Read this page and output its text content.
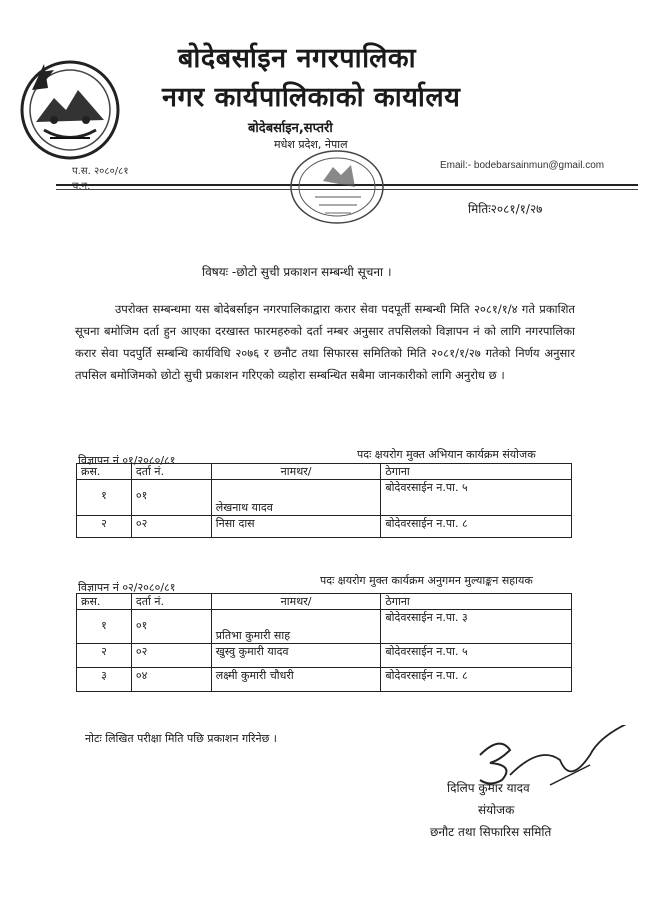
बोदेबर्साइन नगरपालिका
नगर कार्यपालिकाको कार्यालय
बोदेबर्साइन,सप्तरी
मधेश प्रदेश, नेपाल
प.स. २०८०/८१
च.न.
Email:- bodebarsainmun@gmail.com
मितिः२०८१/१/२७
विषयः -छोटो सुची प्रकाशन सम्बन्धी सूचना ।
उपरोक्त सम्बन्धमा यस बोदेबर्साइन नगरपालिकाद्वारा करार सेवा पदपूर्ती सम्बन्धी मिति २०८१/१/४ गते प्रकाशित सूचना बमोजिम दर्ता हुन आएका दरखास्त फारमहरुको दर्ता नम्बर अनुसार तपसिलको विज्ञापन नं को लागि नगरपालिका करार सेवा पदपुर्ति सम्बन्धि कार्यविधि २०७६ र छनौट तथा सिफारस समितिको मिति २०८१/१/२७ गतेको निर्णय अनुसार तपसिल बमोजिमको छोटो सुची प्रकाशन गरिएको व्यहोरा सम्बन्धित सबैमा जानकारीको लागि अनुरोध छ ।
विज्ञापन नं ०१/२०८०/८१	पदः क्षयरोग मुक्त अभियान कार्यक्रम संयोजक
क्रस.	दर्ता नं.	नामथर/	ठेगाना
१	०१	लेखनाथ यादव	बोदेवरसाईन न.पा. ५
२	०२	निसा दास	बोदेवरसाईन न.पा. ८
विज्ञापन नं ०२/२०८०/८१
पदः क्षयरोग मुक्त कार्यक्रम अनुगमन मुल्याङ्कन सहायक
क्रस.	दर्ता नं.	नामथर/	ठेगाना
१	०१	प्रतिभा कुमारी साह	बोदेवरसाईन न.पा. ३
२	०२	खुस्वु कुमारी यादव	बोदेवरसाईन न.पा. ५
३	०४	लक्ष्मी कुमारी चौधरी	बोदेवरसाईन न.पा. ८
नोटः लिखित परीक्षा मिति पछि प्रकाशन गरिनेछ ।
दिलिप कुमार यादव
संयोजक
छनौट तथा सिफारिस समिति
